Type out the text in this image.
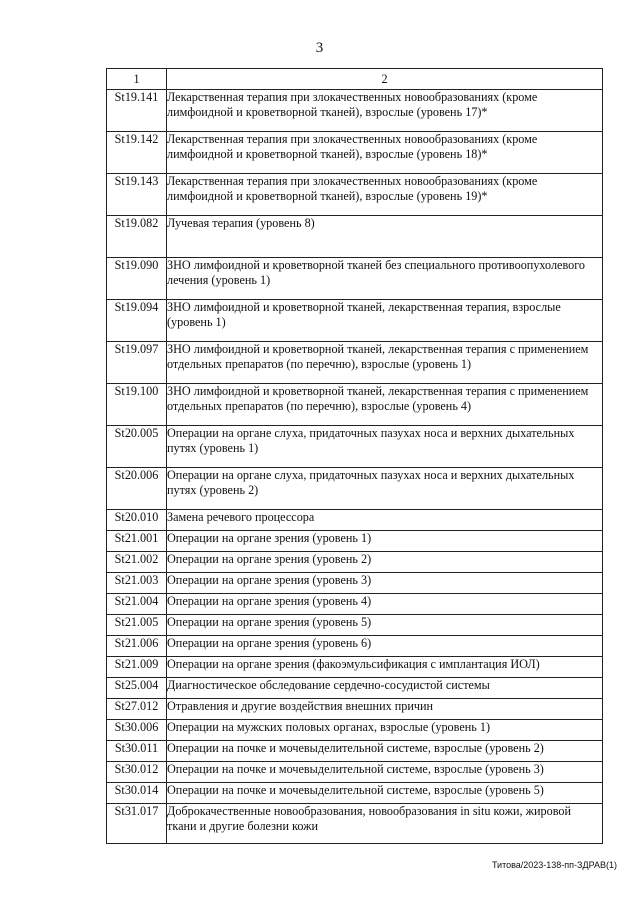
3
1	2
St19.141	Лекарственная терапия при злокачественных новообразованиях (кроме лимфоидной и кроветворной тканей), взрослые (уровень 17)*
St19.142	Лекарственная терапия при злокачественных новообразованиях (кроме лимфоидной и кроветворной тканей), взрослые (уровень 18)*
St19.143	Лекарственная терапия при злокачественных новообразованиях (кроме лимфоидной и кроветворной тканей), взрослые (уровень 19)*
St19.082	Лучевая терапия (уровень 8)
St19.090	ЗНО лимфоидной и кроветворной тканей без специального противоопухолевого лечения (уровень 1)
St19.094	ЗНО лимфоидной и кроветворной тканей, лекарственная терапия, взрослые (уровень 1)
St19.097	ЗНО лимфоидной и кроветворной тканей, лекарственная терапия с применением отдельных препаратов (по перечню), взрослые (уровень 1)
St19.100	ЗНО лимфоидной и кроветворной тканей, лекарственная терапия с применением отдельных препаратов (по перечню), взрослые (уровень 4)
St20.005	Операции на органе слуха, придаточных пазухах носа и верхних дыхательных путях (уровень 1)
St20.006	Операции на органе слуха, придаточных пазухах носа и верхних дыхательных путях (уровень 2)
St20.010	Замена речевого процессора
St21.001	Операции на органе зрения (уровень 1)
St21.002	Операции на органе зрения (уровень 2)
St21.003	Операции на органе зрения (уровень 3)
St21.004	Операции на органе зрения (уровень 4)
St21.005	Операции на органе зрения (уровень 5)
St21.006	Операции на органе зрения (уровень 6)
St21.009	Операции на органе зрения (факоэмульсификация с имплантация ИОЛ)
St25.004	Диагностическое обследование сердечно-сосудистой системы
St27.012	Отравления и другие воздействия внешних причин
St30.006	Операции на мужских половых органах, взрослые (уровень 1)
St30.011	Операции на почке и мочевыделительной системе, взрослые (уровень 2)
St30.012	Операции на почке и мочевыделительной системе, взрослые (уровень 3)
St30.014	Операции на почке и мочевыделительной системе, взрослые (уровень 5)
St31.017	Доброкачественные новообразования, новообразования in situ кожи, жировой ткани и другие болезни кожи
Титова/2023-138-пп-ЗДРАВ(1)
